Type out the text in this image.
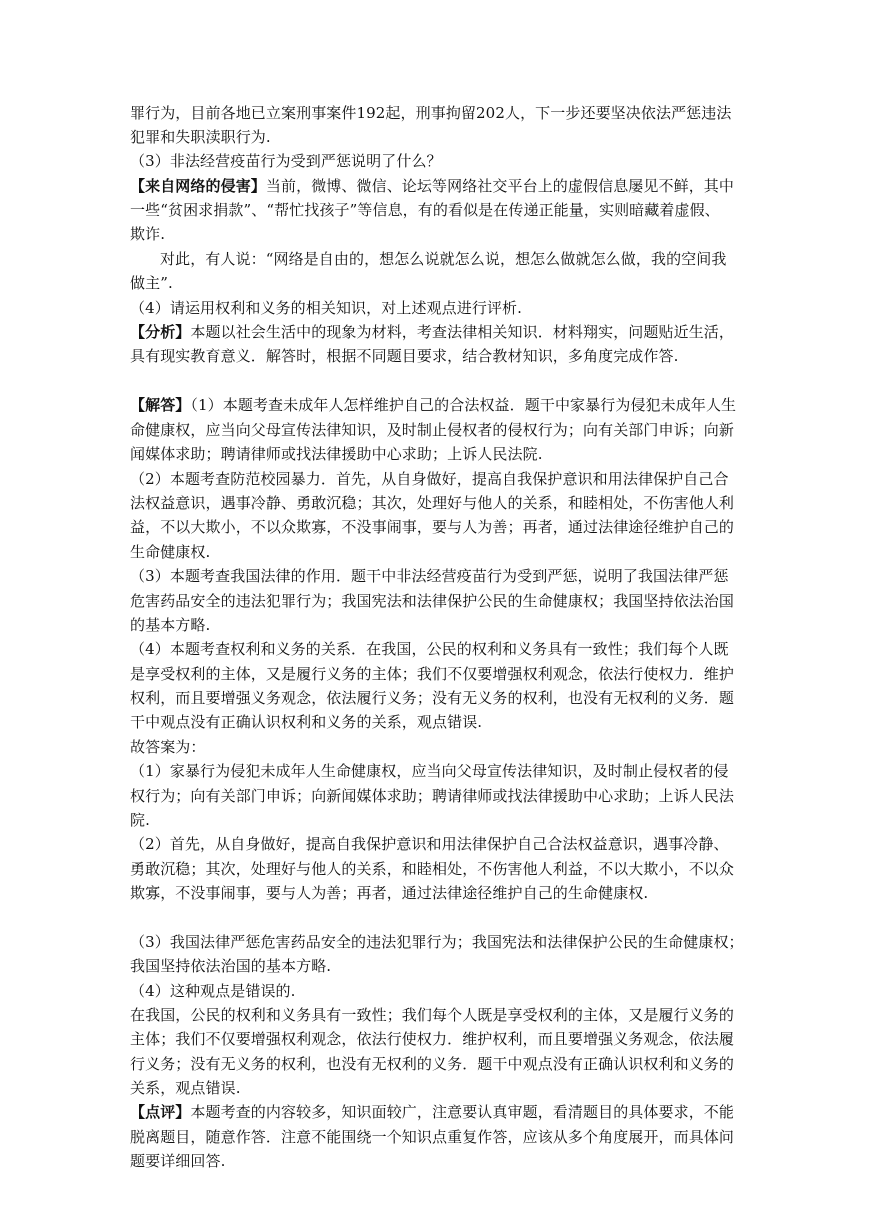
罪行为，目前各地已立案刑事案件192起，刑事拘留202人，下一步还要坚决依法严惩违法
犯罪和失职渎职行为.
（3）非法经营疫苗行为受到严惩说明了什么？
【来自网络的侵害】当前，微博、微信、论坛等网络社交平台上的虚假信息屡见不鲜，其中
一些“贫困求捐款”、“帮忙找孩子”等信息，有的看似是在传递正能量，实则暗藏着虚假、
欺诈.
对此，有人说：“网络是自由的，想怎么说就怎么说，想怎么做就怎么做，我的空间我
做主”.
（4）请运用权利和义务的相关知识，对上述观点进行评析.
【分析】本题以社会生活中的现象为材料，考查法律相关知识．材料翔实，问题贴近生活，
具有现实教育意义．解答时，根据不同题目要求，结合教材知识，多角度完成作答.
【解答】（1）本题考查未成年人怎样维护自己的合法权益．题干中家暴行为侵犯未成年人生
命健康权，应当向父母宣传法律知识，及时制止侵权者的侵权行为；向有关部门申诉；向新
闻媒体求助；聘请律师或找法律援助中心求助；上诉人民法院.
（2）本题考查防范校园暴力．首先，从自身做好，提高自我保护意识和用法律保护自己合
法权益意识，遇事冷静、勇敢沉稳；其次，处理好与他人的关系，和睦相处，不伤害他人利
益，不以大欺小，不以众欺寡，不没事闹事，要与人为善；再者，通过法律途径维护自己的
生命健康权.
（3）本题考查我国法律的作用．题干中非法经营疫苗行为受到严惩，说明了我国法律严惩
危害药品安全的违法犯罪行为；我国宪法和法律保护公民的生命健康权；我国坚持依法治国
的基本方略.
（4）本题考查权利和义务的关系．在我国，公民的权利和义务具有一致性；我们每个人既
是享受权利的主体，又是履行义务的主体；我们不仅要增强权利观念，依法行使权力．维护
权利，而且要增强义务观念，依法履行义务；没有无义务的权利，也没有无权利的义务．题
干中观点没有正确认识权利和义务的关系，观点错误.
故答案为：
（1）家暴行为侵犯未成年人生命健康权，应当向父母宣传法律知识，及时制止侵权者的侵
权行为；向有关部门申诉；向新闻媒体求助；聘请律师或找法律援助中心求助；上诉人民法
院.
（2）首先，从自身做好，提高自我保护意识和用法律保护自己合法权益意识，遇事冷静、
勇敢沉稳；其次，处理好与他人的关系，和睦相处，不伤害他人利益，不以大欺小，不以众
欺寡，不没事闹事，要与人为善；再者，通过法律途径维护自己的生命健康权.
（3）我国法律严惩危害药品安全的违法犯罪行为；我国宪法和法律保护公民的生命健康权；
我国坚持依法治国的基本方略.
（4）这种观点是错误的.
在我国，公民的权利和义务具有一致性；我们每个人既是享受权利的主体，又是履行义务的
主体；我们不仅要增强权利观念，依法行使权力．维护权利，而且要增强义务观念，依法履
行义务；没有无义务的权利，也没有无权利的义务．题干中观点没有正确认识权利和义务的
关系，观点错误.
【点评】本题考查的内容较多，知识面较广，注意要认真审题，看清题目的具体要求，不能
脱离题目，随意作答．注意不能围绕一个知识点重复作答，应该从多个角度展开，而具体问
题要详细回答.
